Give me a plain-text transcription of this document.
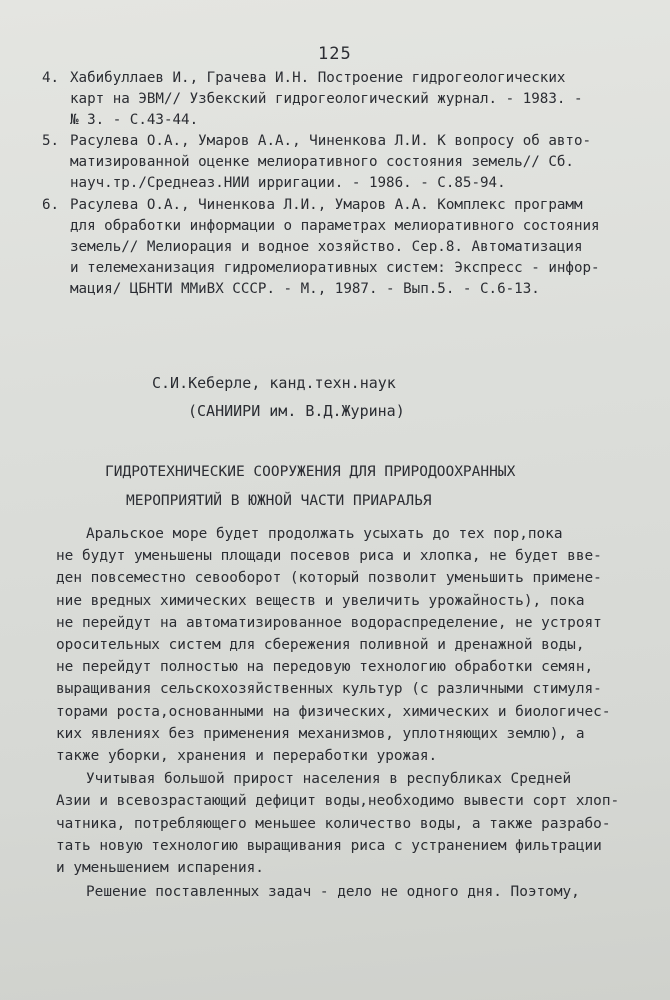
125
4. Хабибуллаев И., Грачева И.Н. Построение гидрогеологических
карт на ЭВМ// Узбекский гидрогеологический журнал. - 1983. -
№ 3. - С.43-44.
5. Расулева О.А., Умаров А.А., Чиненкова Л.И. К вопросу об авто-
матизированной оценке мелиоративного состояния земель// Сб.
науч.тр./Среднеаз.НИИ ирригации. - 1986. - С.85-94.
6. Расулева О.А., Чиненкова Л.И., Умаров А.А. Комплекс программ
для обработки информации о параметрах мелиоративного состояния
земель// Мелиорация и водное хозяйство. Сер.8. Автоматизация
и телемеханизация гидромелиоративных систем: Экспресс - инфор-
мация/ ЦБНТИ ММиВХ СССР. - М., 1987. - Вып.5. - С.6-13.
С.И.Кеберле, канд.техн.наук
(САНИИРИ им. В.Д.Журина)
ГИДРОТЕХНИЧЕСКИЕ СООРУЖЕНИЯ ДЛЯ ПРИРОДООХРАННЫХ
МЕРОПРИЯТИЙ В ЮЖНОЙ ЧАСТИ ПРИАРАЛЬЯ
Аральское море будет продолжать усыхать до тех пор,пока
не будут уменьшены площади посевов риса и хлопка, не будет вве-
ден повсеместно севооборот (который позволит уменьшить примене-
ние вредных химических веществ и увеличить урожайность), пока
не перейдут на автоматизированное водораспределение, не устроят
оросительных систем для сбережения поливной и дренажной воды,
не перейдут полностью на передовую технологию обработки семян,
выращивания сельскохозяйственных культур (с различными стимуля-
торами роста,основанными на физических, химических и биологичес-
ких явлениях без применения механизмов, уплотняющих землю), а
также уборки, хранения и переработки урожая.
Учитывая большой прирост населения в республиках Средней
Азии и всевозрастающий дефицит воды,необходимо вывести сорт хлоп-
чатника, потребляющего меньшее количество воды, а также разрабо-
тать новую технологию выращивания риса с устранением фильтрации
и уменьшением испарения.
Решение поставленных задач - дело не одного дня. Поэтому,
